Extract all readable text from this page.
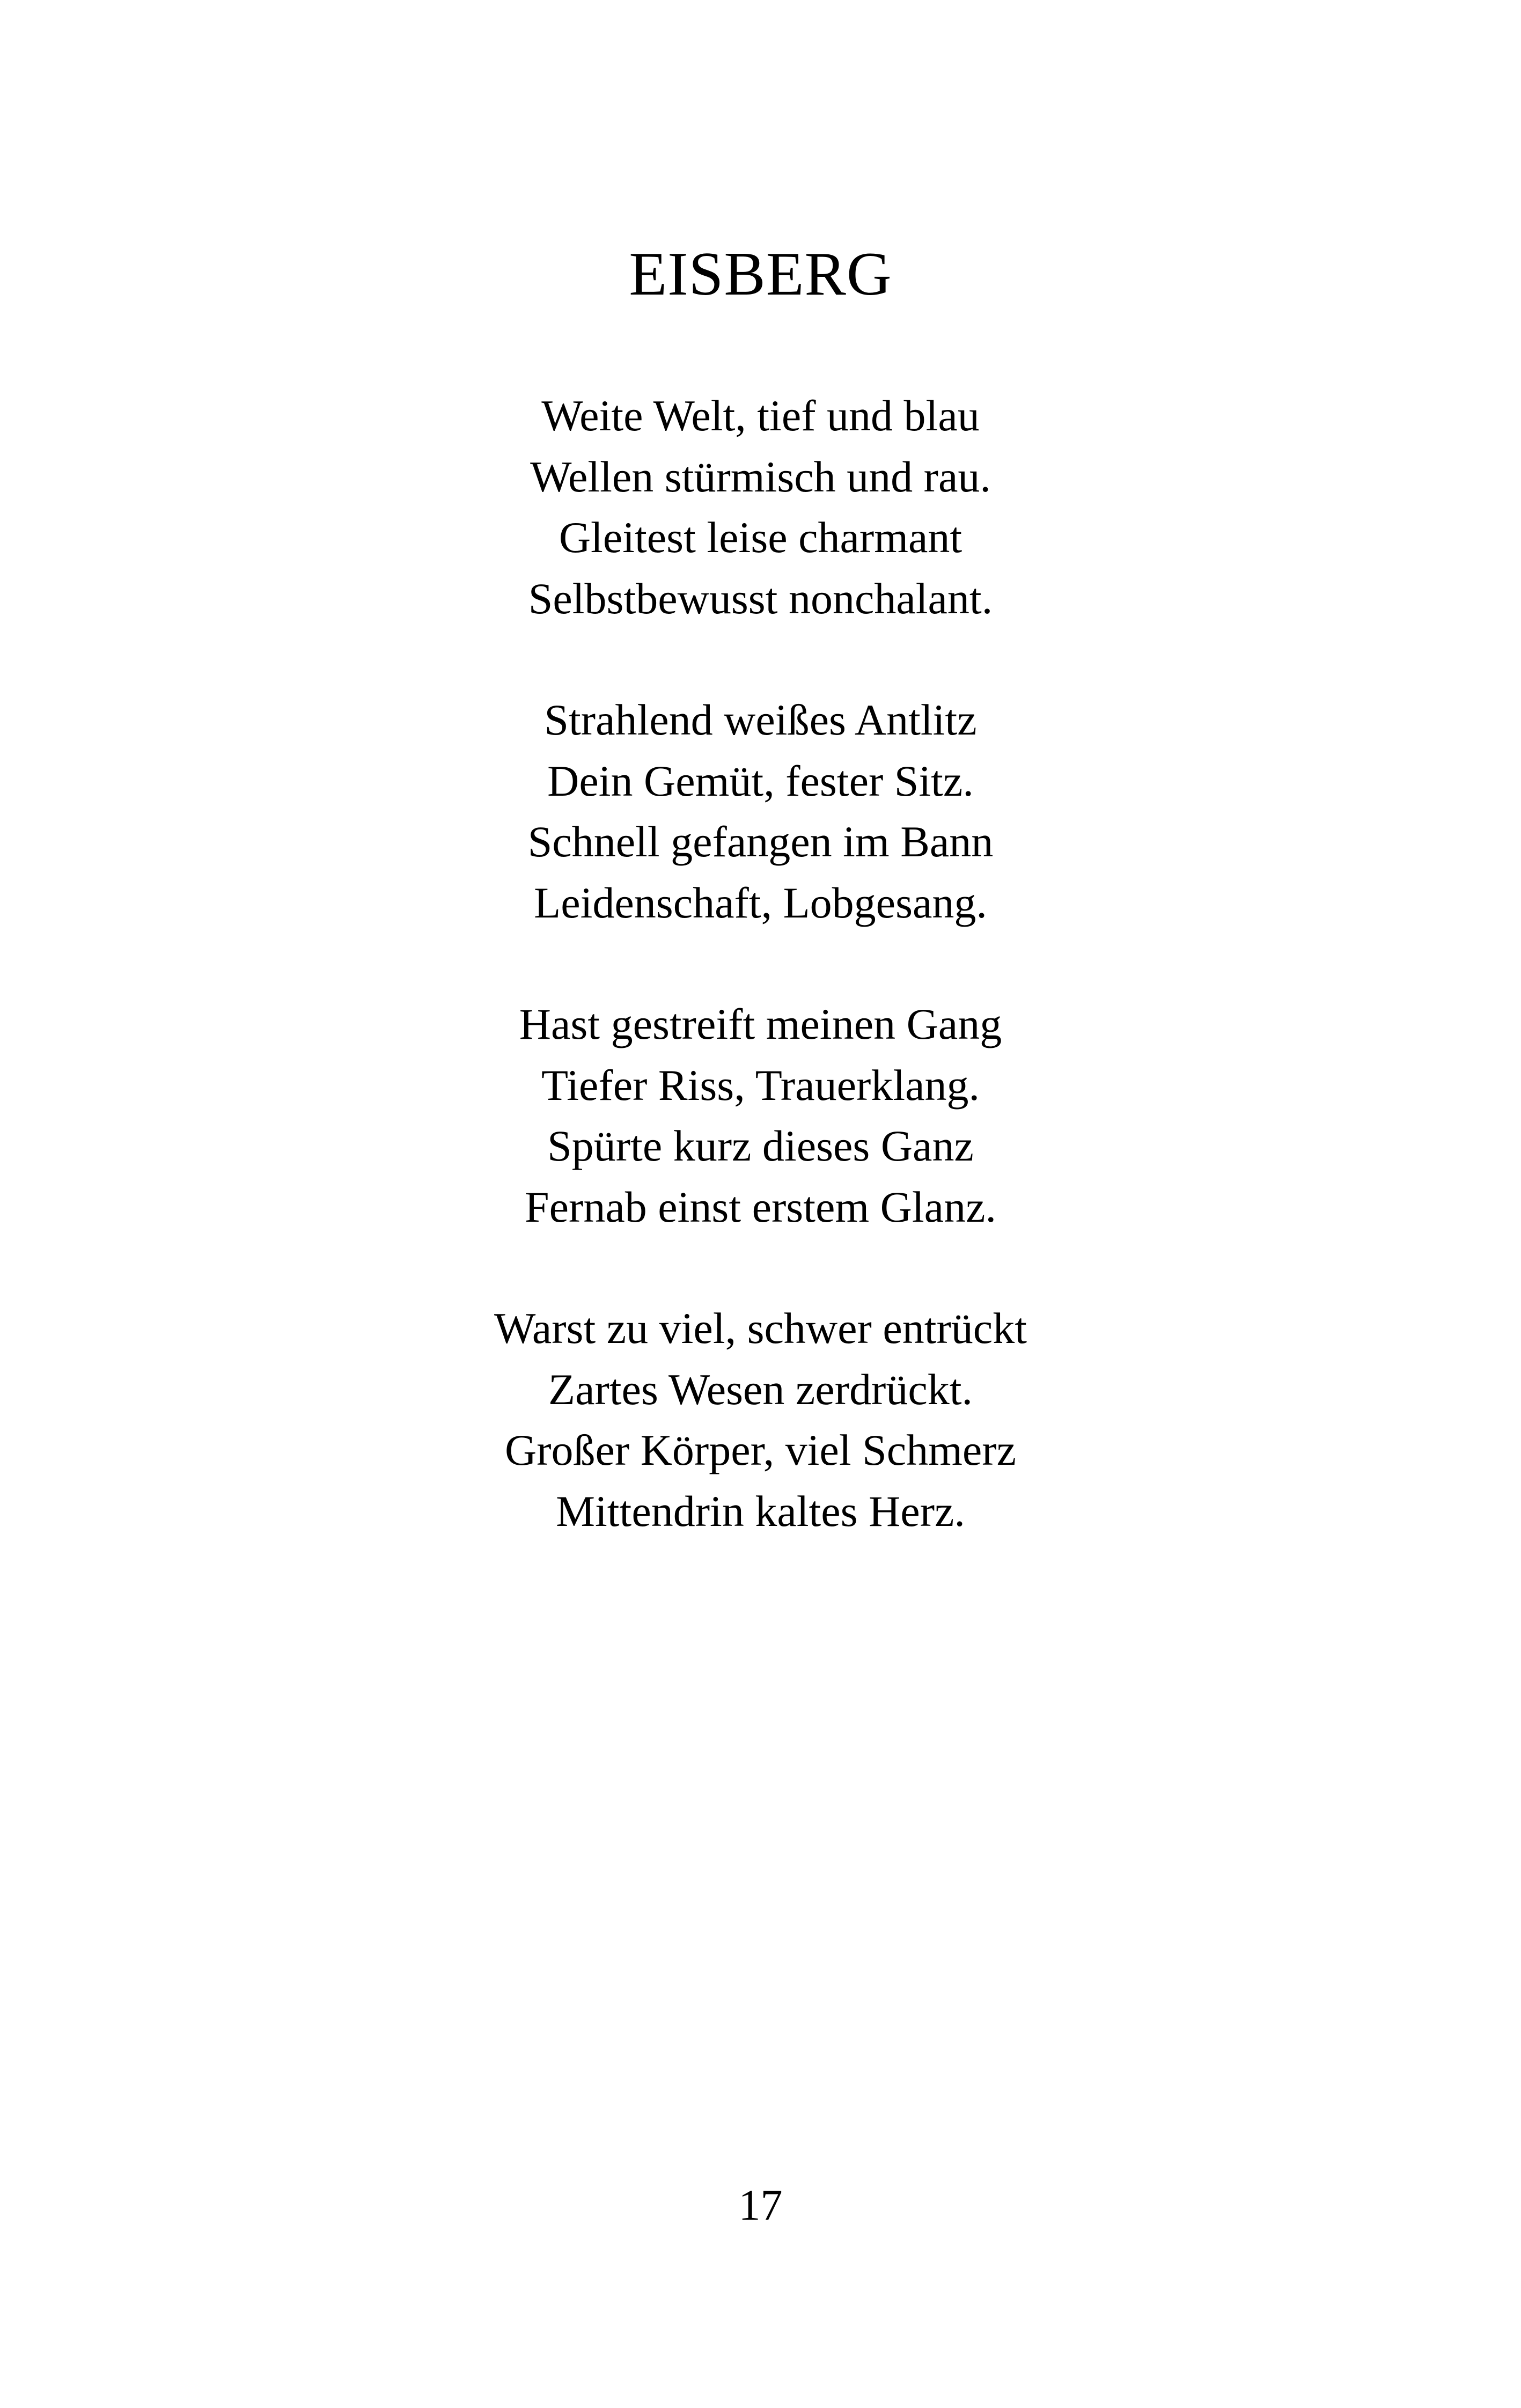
EISBERG
Weite Welt, tief und blau
Wellen stürmisch und rau.
Gleitest leise charmant
Selbstbewusst nonchalant.
Strahlend weißes Antlitz
Dein Gemüt, fester Sitz.
Schnell gefangen im Bann
Leidenschaft, Lobgesang.
Hast gestreift meinen Gang
Tiefer Riss, Trauerklang.
Spürte kurz dieses Ganz
Fernab einst erstem Glanz.
Warst zu viel, schwer entrückt
Zartes Wesen zerdrückt.
Großer Körper, viel Schmerz
Mittendrin kaltes Herz.
17
